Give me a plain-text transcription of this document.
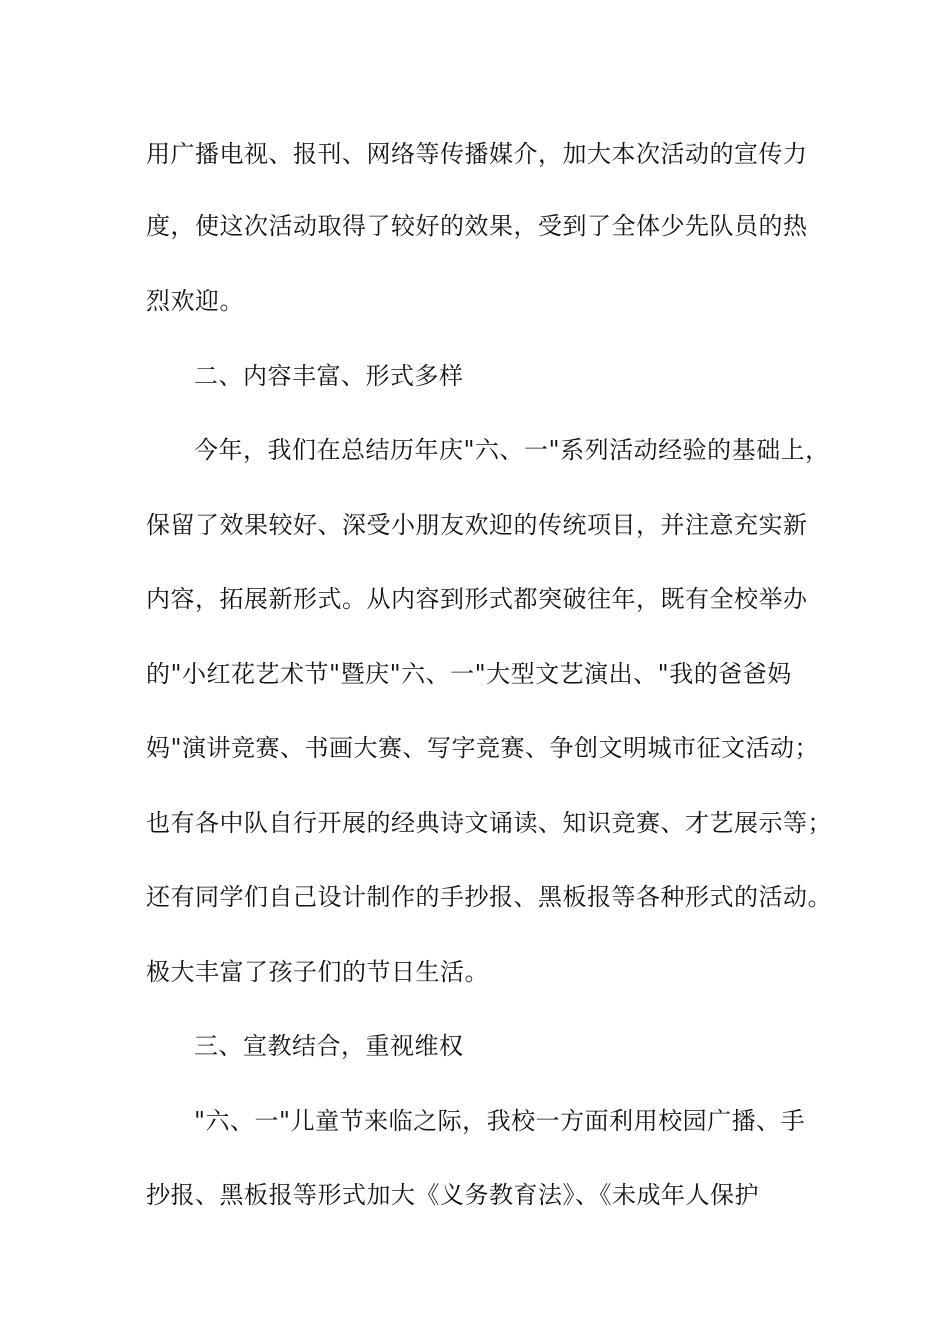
用广播电视、报刊、网络等传播媒介，加大本次活动的宣传力
度，使这次活动取得了较好的效果，受到了全体少先队员的热
烈欢迎。
二、内容丰富、形式多样
今年，我们在总结历年庆"六、一"系列活动经验的基础上，
保留了效果较好、深受小朋友欢迎的传统项目，并注意充实新
内容，拓展新形式。从内容到形式都突破往年，既有全校举办
的"小红花艺术节"暨庆"六、一"大型文艺演出、"我的爸爸妈
妈"演讲竞赛、书画大赛、写字竞赛、争创文明城市征文活动；
也有各中队自行开展的经典诗文诵读、知识竞赛、才艺展示等；
还有同学们自己设计制作的手抄报、黑板报等各种形式的活动。
极大丰富了孩子们的节日生活。
三、宣教结合，重视维权
"六、一"儿童节来临之际，我校一方面利用校园广播、手
抄报、黑板报等形式加大《义务教育法》、《未成年人保护
